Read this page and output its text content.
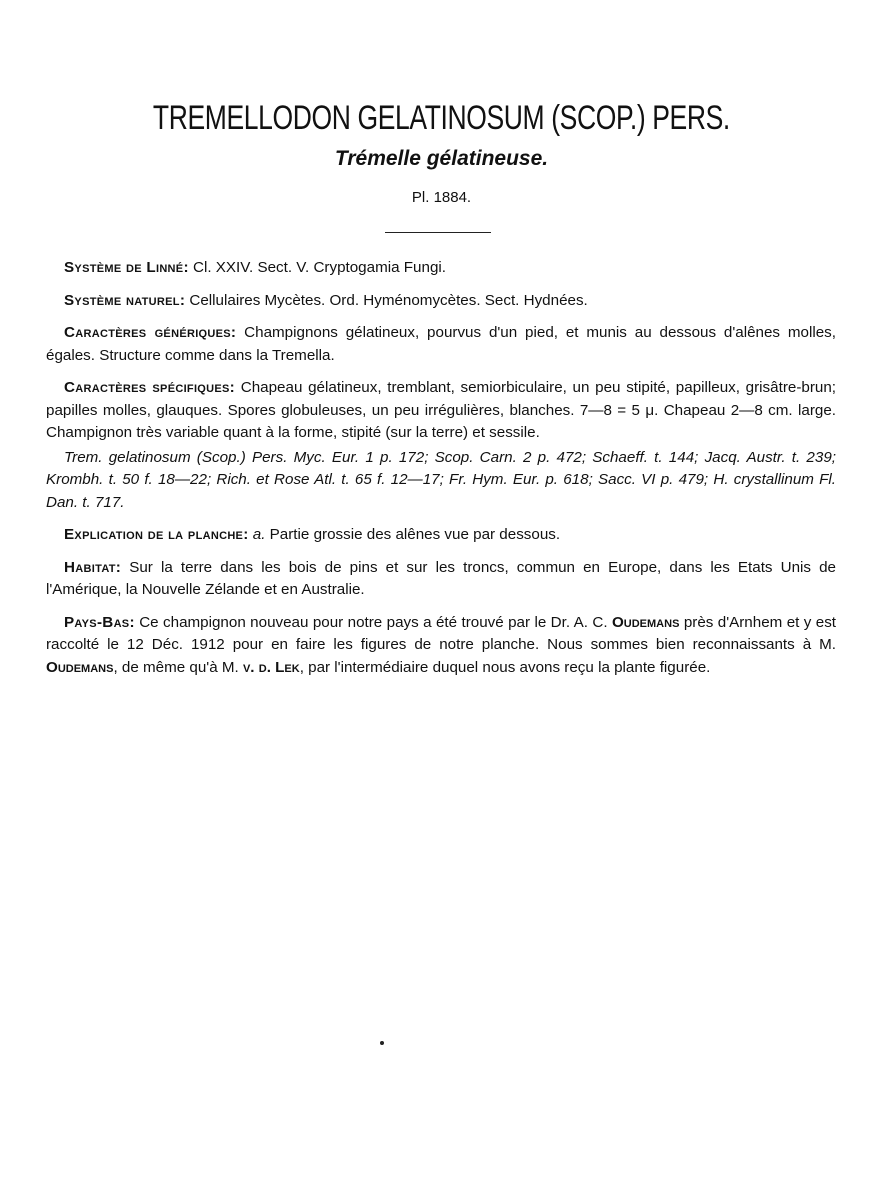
TREMELLODON GELATINOSUM (SCOP.) PERS.
Trémelle gélatineuse.
Pl. 1884.

Système de Linné: Cl. XXIV. Sect. V. Cryptogamia Fungi.

Système naturel: Cellulaires Mycètes. Ord. Hyménomycètes. Sect. Hydnées.

Caractères génériques: Champignons gélatineux, pourvus d'un pied, et munis au dessous d'alênes molles, égales. Structure comme dans la Tremella.

Caractères spécifiques: Chapeau gélatineux, tremblant, semiorbiculaire, un peu stipité, papilleux, grisâtre-brun; papilles molles, glauques. Spores globuleuses, un peu irrégulières, blanches. 7—8 = 5 μ. Chapeau 2—8 cm. large. Champignon très variable quant à la forme, stipité (sur la terre) et sessile.

Trem. gelatinosum (Scop.) Pers. Myc. Eur. 1 p. 172; Scop. Carn. 2 p. 472; Schaeff. t. 144; Jacq. Austr. t. 239; Krombh. t. 50 f. 18—22; Rich. et Rose Atl. t. 65 f. 12—17; Fr. Hym. Eur. p. 618; Sacc. VI p. 479; H. crystallinum Fl. Dan. t. 717.

Explication de la planche: a. Partie grossie des alênes vue par dessous.

Habitat: Sur la terre dans les bois de pins et sur les troncs, commun en Europe, dans les Etats Unis de l'Amérique, la Nouvelle Zélande et en Australie.

Pays-Bas: Ce champignon nouveau pour notre pays a été trouvé par le Dr. A. C. Oudemans près d'Arnhem et y est raccolté le 12 Déc. 1912 pour en faire les figures de notre planche. Nous sommes bien reconnaissants à M. Oudemans, de même qu'à M. v. d. Lek, par l'intermédiaire duquel nous avons reçu la plante figurée.
